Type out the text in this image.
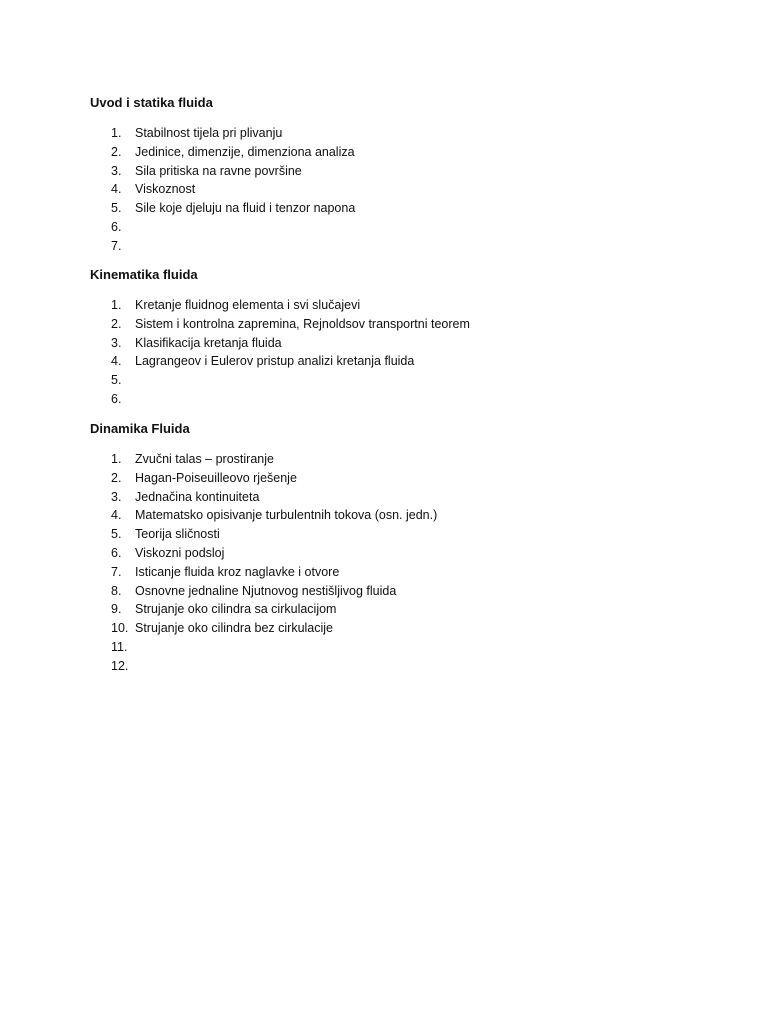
Uvod i statika fluida
1.	Stabilnost tijela pri plivanju
2.	Jedinice, dimenzije, dimenziona analiza
3.	Sila pritiska na ravne površine
4.	Viskoznost
5.	Sile koje djeluju na fluid i tenzor napona
6.
7.
Kinematika fluida
1.	Kretanje fluidnog elementa i svi slučajevi
2.	Sistem i kontrolna zapremina, Rejnoldsov transportni teorem
3.	Klasifikacija kretanja fluida
4.	Lagrangeov i Eulerov pristup analizi kretanja fluida
5.
6.
Dinamika Fluida
1.	Zvučni talas – prostiranje
2.	Hagan-Poiseuilleovo rješenje
3.	Jednačina kontinuiteta
4.	Matematsko opisivanje turbulentnih tokova (osn. jedn.)
5.	Teorija sličnosti
6.	Viskozni podsloj
7.	Isticanje fluida kroz naglavke i otvore
8.	Osnovne jednaline Njutnovog nestišljivog fluida
9.	Strujanje oko cilindra sa cirkulacijom
10. Strujanje oko cilindra bez cirkulacije
11.
12.
